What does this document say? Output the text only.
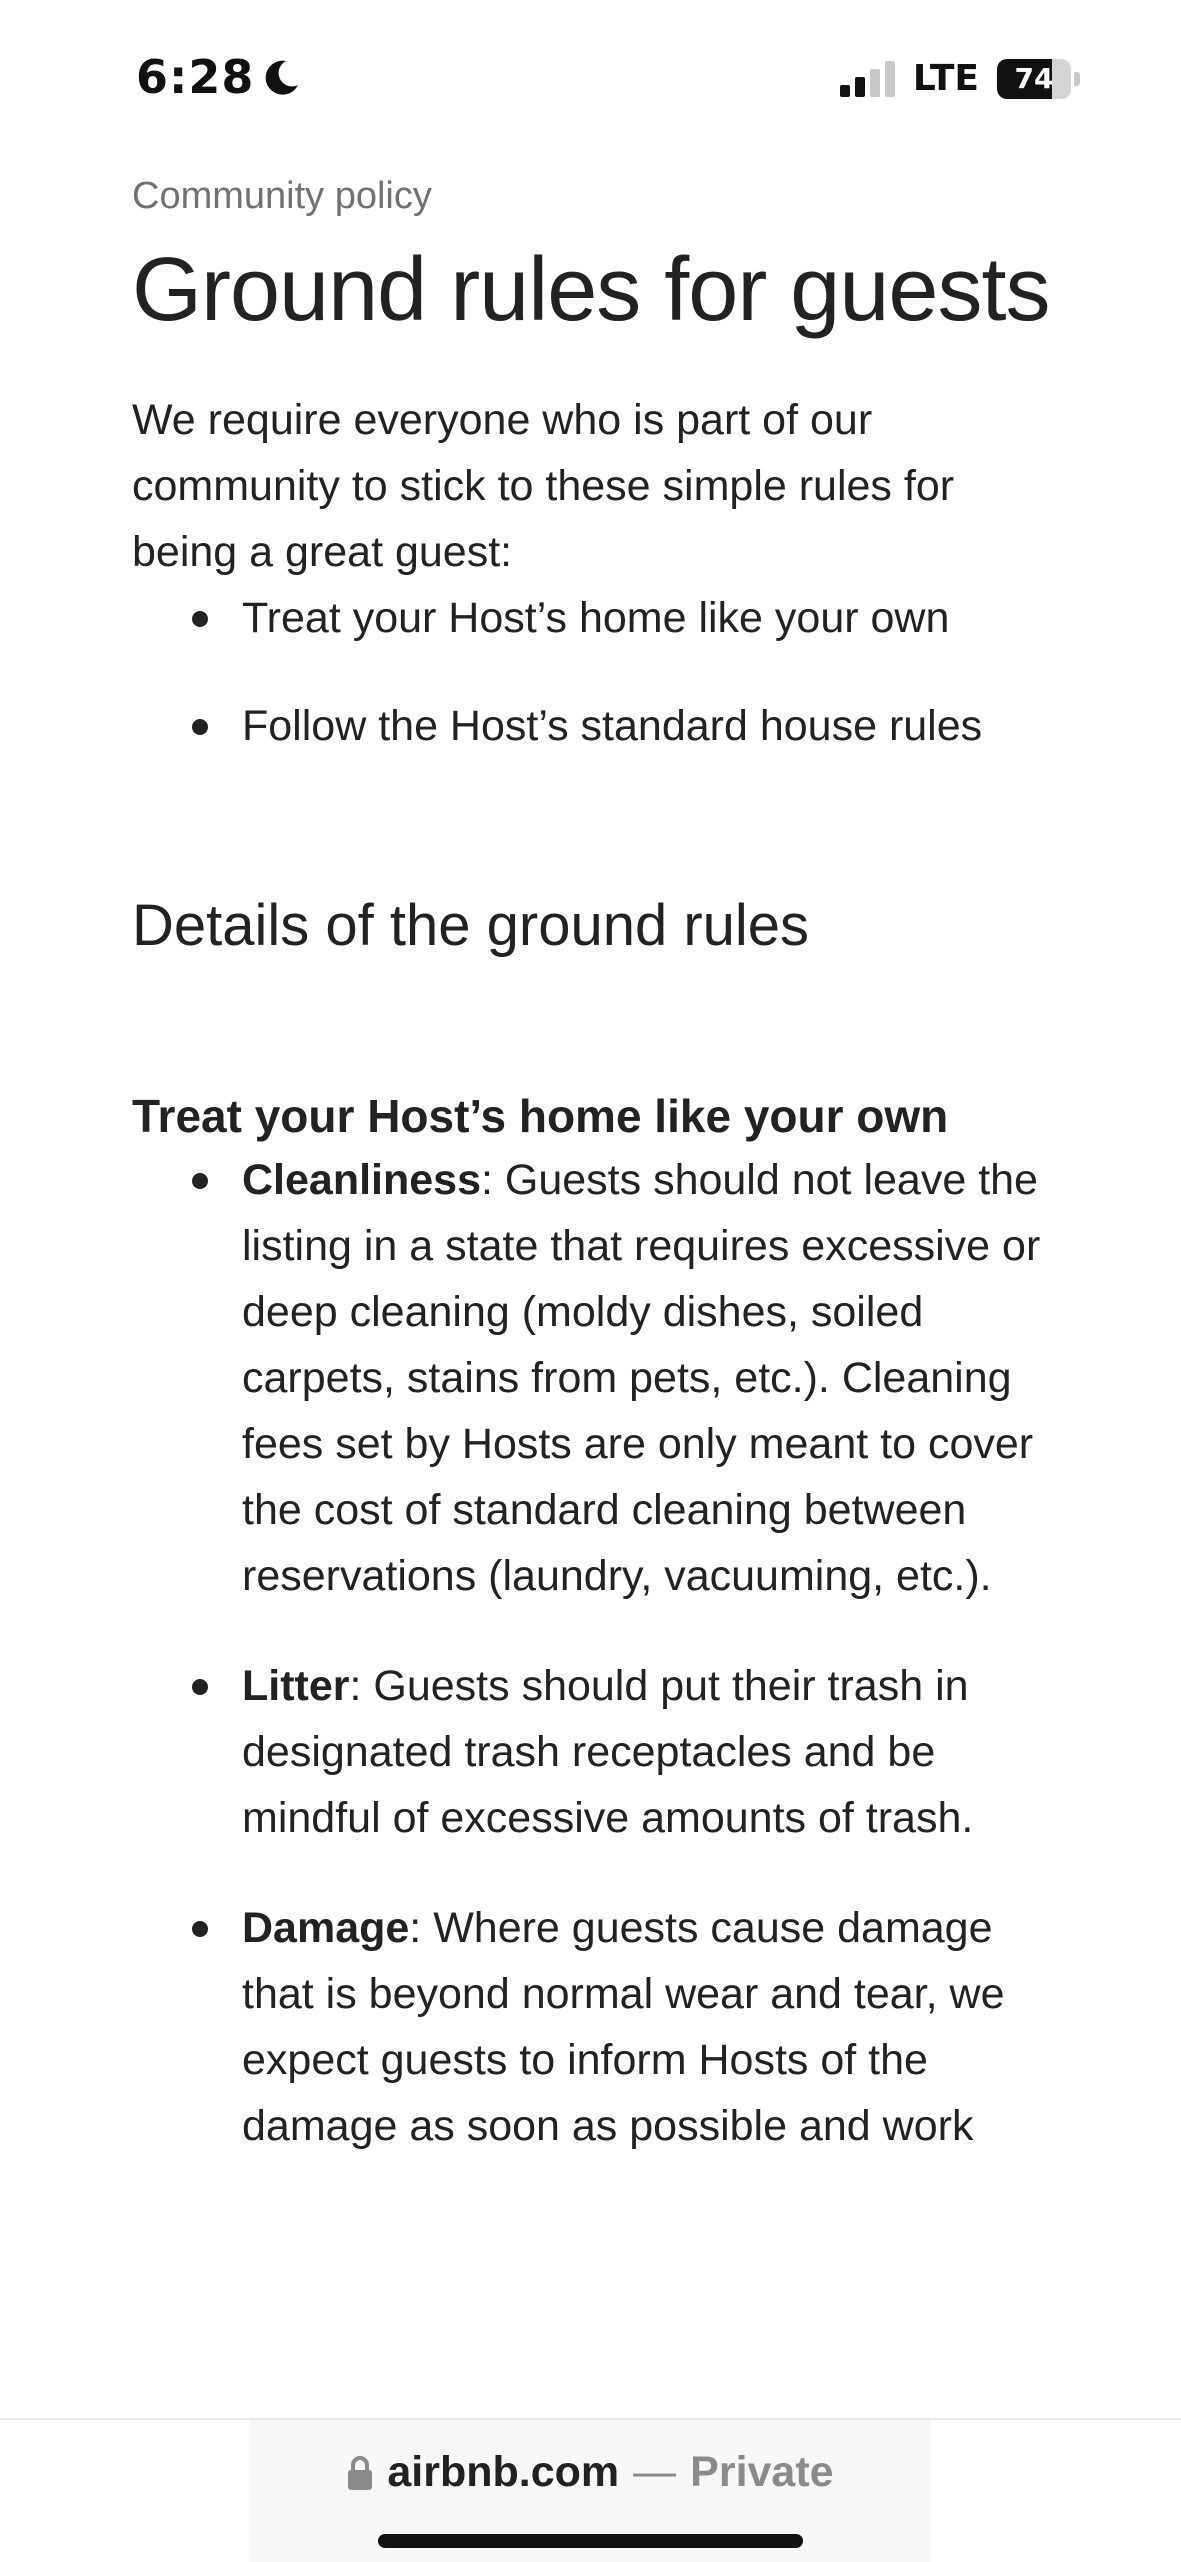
6:28	LTE	74

Community policy

Ground rules for guests

We require everyone who is part of our community to stick to these simple rules for being a great guest:

Treat your Host’s home like your own
Follow the Host’s standard house rules
Details of the ground rules
Treat your Host’s home like your own
Cleanliness: Guests should not leave the listing in a state that requires excessive or deep cleaning (moldy dishes, soiled carpets, stains from pets, etc.). Cleaning fees set by Hosts are only meant to cover the cost of standard cleaning between reservations (laundry, vacuuming, etc.).
Litter: Guests should put their trash in designated trash receptacles and be mindful of excessive amounts of trash.
Damage: Where guests cause damage that is beyond normal wear and tear, we expect guests to inform Hosts of the damage as soon as possible and work
airbnb.com — Private
